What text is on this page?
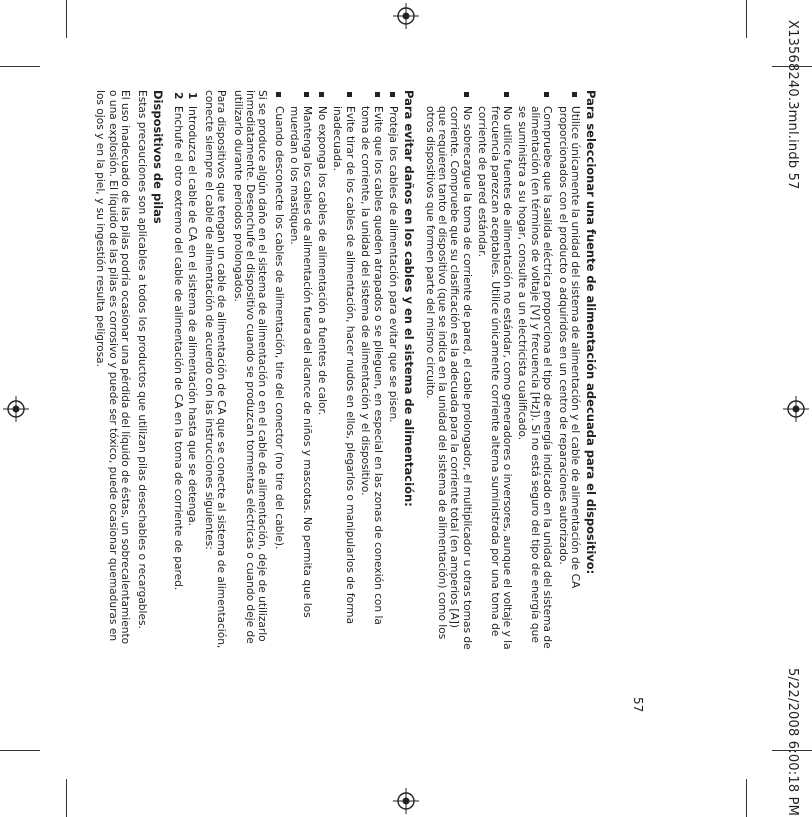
X13568240.3mnl.indb 57
5/22/2008 6:00:18 PM
57
Para seleccionar una fuente de alimentación adecuada para el dispositivo:
Utilice únicamente la unidad del sistema de alimentación y el cable de alimentación de CA proporcionados con el producto o adquiridos en un centro de reparaciones autorizado.
Compruebe que la salida eléctrica proporciona el tipo de energía indicado en la unidad del sistema de alimentación (en términos de voltaje [V] y frecuencia [Hz]). Si no está seguro del tipo de energía que se suministra a su hogar, consulte a un electricista cualificado.
No utilice fuentes de alimentación no estándar, como generadores o inversores, aunque el voltaje y la frecuencia parezcan aceptables. Utilice únicamente corriente alterna suministrada por una toma de corriente de pared estándar.
No sobrecargue la toma de corriente de pared, el cable prolongador, el multiplicador u otras tomas de corriente. Compruebe que su clasificación es la adecuada para la corriente total (en amperios [A]) que requieren tanto el dispositivo (que se indica en la unidad del sistema de alimentación) como los otros dispositivos que formen parte del mismo circuito.
Para evitar daños en los cables y en el sistema de alimentación:
Proteja los cables de alimentación para evitar que se pisen.
Evite que los cables queden atrapados o se plieguen, en especial en las zonas de conexión con la toma de corriente, la unidad del sistema de alimentación y el dispositivo.
Evite tirar de los cables de alimentación, hacer nudos en ellos, plegarlos o manipularlos de forma inadecuada.
No exponga los cables de alimentación a fuentes de calor.
Mantenga los cables de alimentación fuera del alcance de niños y mascotas. No permita que los muerdan o los mastiquen.
Cuando desconecte los cables de alimentación, tire del conector (no tire del cable).

Si se produce algún daño en el sistema de alimentación o en el cable de alimentación, deje de utilizarlo inmediatamente. Desenchufe el dispositivo cuando se produzcan tormentas eléctricas o cuando deje de utilizarlo durante periodos prolongados.

Para dispositivos que tengan un cable de alimentación de CA que se conecte al sistema de alimentación, conecte siempre el cable de alimentación de acuerdo con las instrucciones siguientes:

1
Introduzca el cable de CA en el sistema de alimentación hasta que se detenga.
2
Enchufe el otro extremo del cable de alimentación de CA en la toma de corriente de pared.
Dispositivos de pilas

Estas precauciones son aplicables a todos los productos que utilizan pilas desechables o recargables.

El uso inadecuado de las pilas podría ocasionar una pérdida del líquido de éstas, un sobrecalentamiento o una explosión. El líquido de las pilas es corrosivo y puede ser tóxico, puede ocasionar quemaduras en los ojos y en la piel, y su ingestión resulta peligrosa.
